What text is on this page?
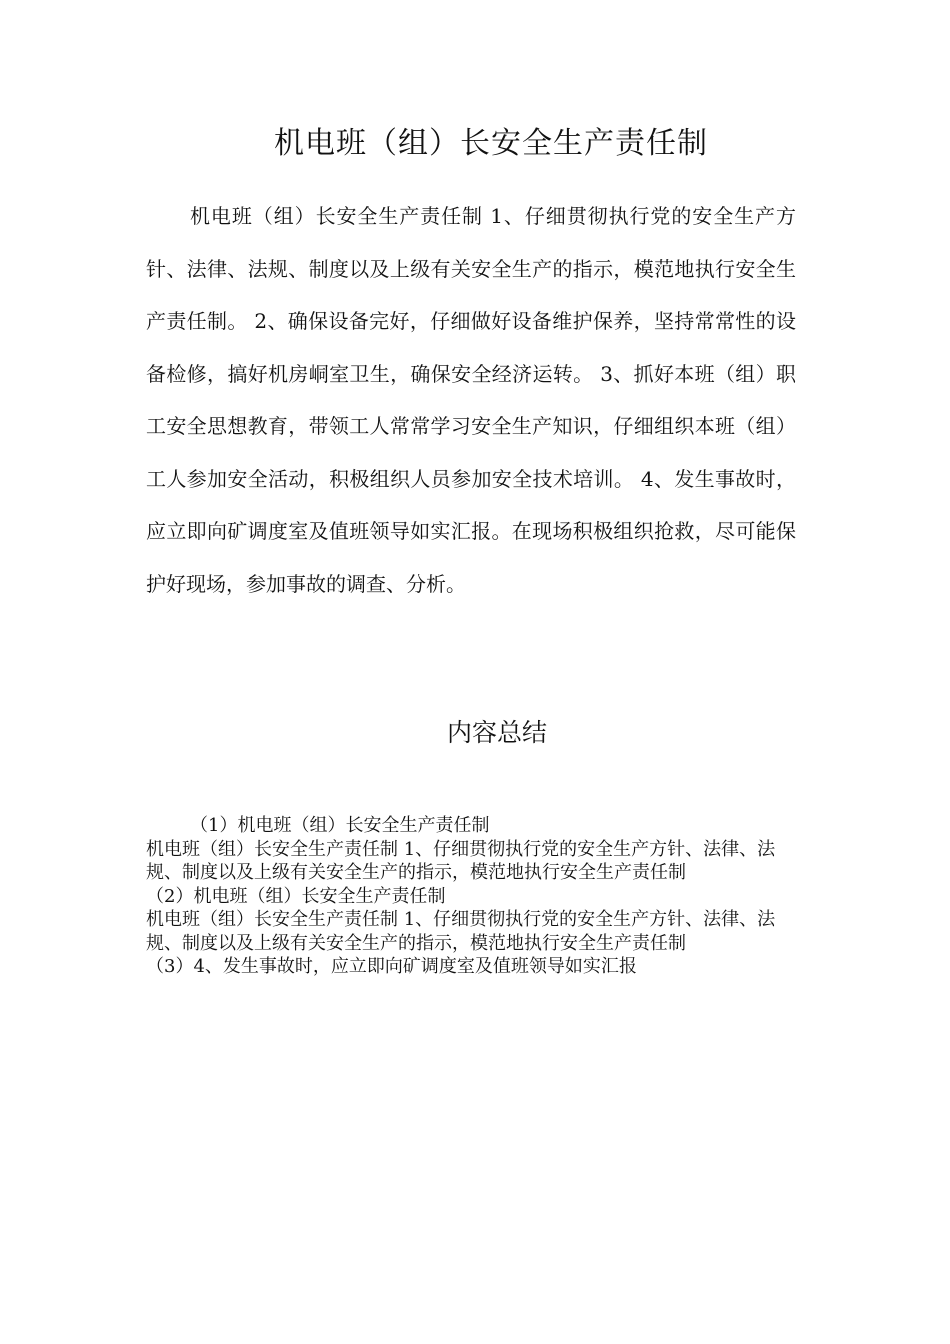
机电班（组）长安全生产责任制

机电班（组）长安全生产责任制 1、仔细贯彻执行党的安全生产方针、法律、法规、制度以及上级有关安全生产的指示，模范地执行安全生产责任制。 2、确保设备完好，仔细做好设备维护保养，坚持常常性的设备检修，搞好机房峒室卫生，确保安全经济运转。 3、抓好本班（组）职工安全思想教育，带领工人常常学习安全生产知识，仔细组织本班（组）工人参加安全活动，积极组织人员参加安全技术培训。 4、发生事故时，应立即向矿调度室及值班领导如实汇报。在现场积极组织抢救，尽可能保护好现场，参加事故的调查、分析。

内容总结
（1）机电班（组）长安全生产责任制
机电班（组）长安全生产责任制 1、仔细贯彻执行党的安全生产方针、法律、法规、制度以及上级有关安全生产的指示，模范地执行安全生产责任制
（2）机电班（组）长安全生产责任制
机电班（组）长安全生产责任制 1、仔细贯彻执行党的安全生产方针、法律、法规、制度以及上级有关安全生产的指示，模范地执行安全生产责任制
（3）4、发生事故时，应立即向矿调度室及值班领导如实汇报
